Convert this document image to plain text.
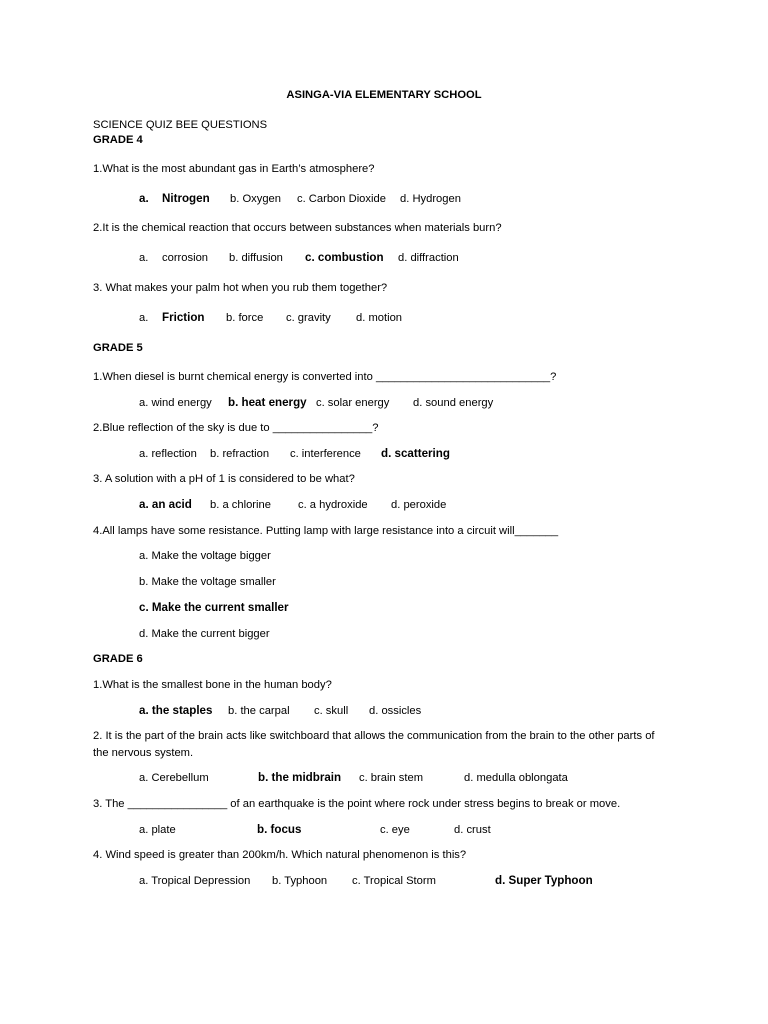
ASINGA-VIA ELEMENTARY SCHOOL
SCIENCE QUIZ BEE QUESTIONS
GRADE 4
1.What is the most abundant gas in Earth’s atmosphere?
a. Nitrogen b. Oxygen c. Carbon Dioxide d. Hydrogen
2.It is the chemical reaction that occurs between substances when materials burn?
a. corrosion b. diffusion c. combustion d. diffraction
3. What makes your palm hot when you rub them together?
a. Friction b. force c. gravity d. motion
GRADE 5
1.When diesel is burnt chemical energy is converted into ____________________________?
a. wind energy b. heat energy c. solar energy d. sound energy
2.Blue reflection of the sky is due to ________________?
a. reflection b. refraction c. interference d. scattering
3. A solution with a pH of 1 is considered to be what?
a. an acid b. a chlorine c. a hydroxide d. peroxide
4.All lamps have some resistance. Putting lamp with large resistance into a circuit will_______
a. Make the voltage bigger
b. Make the voltage smaller
c. Make the current smaller
d. Make the current bigger
GRADE 6
1.What is the smallest bone in the human body?
a. the staples b. the carpal c. skull d. ossicles
2. It is the part of the brain acts like switchboard that allows the communication from the brain to the other parts of the nervous system.
a. Cerebellum	b. the midbrain c. brain stem	d. medulla oblongata
3. The ________________ of an earthquake is the point where rock under stress begins to break or move.
a. plate	b. focus	c. eye	d. crust
4. Wind speed is greater than 200km/h. Which natural phenomenon is this?
a. Tropical Depression b. Typhoon c. Tropical Storm	d. Super Typhoon
